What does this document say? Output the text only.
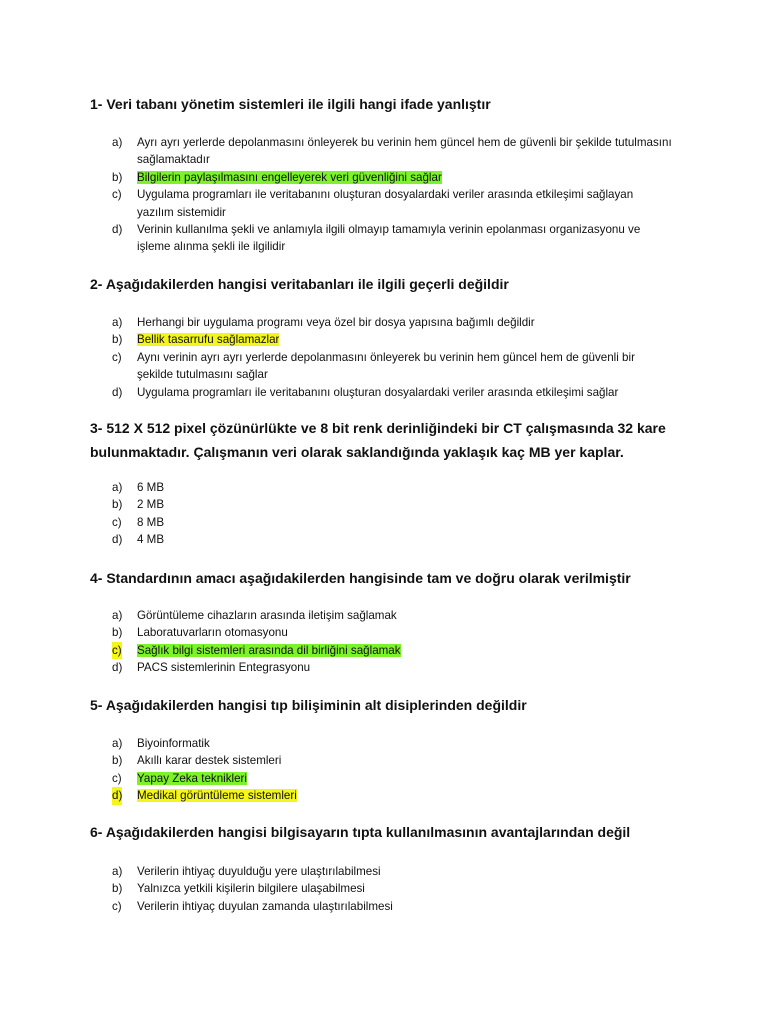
1- Veri tabanı yönetim sistemleri ile ilgili hangi ifade yanlıştır

a) Ayrı ayrı yerlerde depolanmasını önleyerek bu verinin hem güncel hem de güvenli bir şekilde tutulmasını sağlamaktadır
b) Bilgilerin paylaşılmasını engelleyerek veri güvenliğini sağlar
c) Uygulama programları ile veritabanını oluşturan dosyalardaki veriler arasında etkileşimi sağlayan yazılım sistemidir
d) Verinin kullanılma şekli ve anlamıyla ilgili olmayıp tamamıyla verinin epolanması organizasyonu ve işleme alınma şekli ile ilgilidir

2- Aşağıdakilerden hangisi veritabanları ile ilgili geçerli değildir

a) Herhangi bir uygulama programı veya özel bir dosya yapısına bağımlı değildir
b) Bellik tasarrufu sağlamazlar
c) Aynı verinin ayrı ayrı yerlerde depolanmasını önleyerek bu verinin hem güncel hem de güvenli bir şekilde tutulmasını sağlar
d) Uygulama programları ile veritabanını oluşturan dosyalardaki veriler arasında etkileşimi sağlar

3- 512 X 512 pixel çözünürlükte ve 8 bit renk derinliğindeki bir CT çalışmasında 32 kare bulunmaktadır. Çalışmanın veri olarak saklandığında yaklaşık kaç MB yer kaplar.

a) 6 MB
b) 2 MB
c) 8 MB
d) 4 MB

4- Standardının amacı aşağıdakilerden hangisinde tam ve doğru olarak verilmiştir

a) Görüntüleme cihazların arasında iletişim sağlamak
b) Laboratuvarların otomasyonu
c) Sağlık bilgi sistemleri arasında dil birliğini sağlamak
d) PACS sistemlerinin Entegrasyonu

5- Aşağıdakilerden hangisi tıp bilişiminin alt disiplerinden değildir

a) Biyoinformatik
b) Akıllı karar destek sistemleri
c) Yapay Zeka teknikleri
d) Medikal görüntüleme sistemleri

6- Aşağıdakilerden hangisi bilgisayarın tıpta kullanılmasının avantajlarından değil

a) Verilerin ihtiyaç duyulduğu yere ulaştırılabilmesi
b) Yalnızca yetkili kişilerin bilgilere ulaşabilmesi
c) Verilerin ihtiyaç duyulan zamanda ulaştırılabilmesi
